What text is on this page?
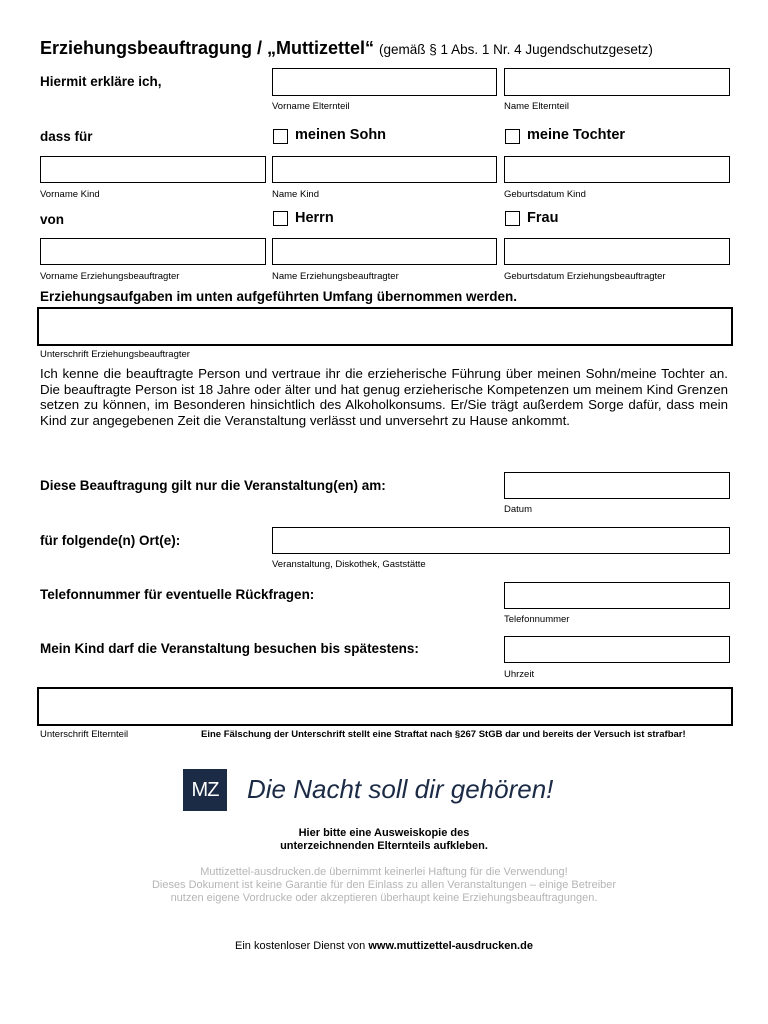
Erziehungsbeauftragung / „Muttizettel“ (gemäß § 1 Abs. 1 Nr. 4 Jugendschutzgesetz)
Hiermit erkläre ich,
Vorname Elternteil	Name Elternteil
dass für	meinen Sohn	meine Tochter
Vorname Kind	Name Kind	Geburtsdatum Kind
von	Herrn	Frau
Vorname Erziehungsbeauftragter	Name Erziehungsbeauftragter	Geburtsdatum Erziehungsbeauftragter
Erziehungsaufgaben im unten aufgeführten Umfang übernommen werden.
Unterschrift Erziehungsbeauftragter
Ich kenne die beauftragte Person und vertraue ihr die erzieherische Führung über meinen Sohn/meine Tochter an. Die beauftragte Person ist 18 Jahre oder älter und hat genug erzieherische Kompetenzen um meinem Kind Grenzen setzen zu können, im Besonderen hinsichtlich des Alkoholkonsums. Er/Sie trägt außerdem Sorge dafür, dass mein Kind zur angegebenen Zeit die Veranstaltung verlässt und unversehrt zu Hause ankommt.
Diese Beauftragung gilt nur die Veranstaltung(en) am:
Datum
für folgende(n) Ort(e):
Veranstaltung, Diskothek, Gaststätte
Telefonnummer für eventuelle Rückfragen:
Telefonnummer
Mein Kind darf die Veranstaltung besuchen bis spätestens:
Uhrzeit
Unterschrift Elternteil	Eine Fälschung der Unterschrift stellt eine Straftat nach §267 StGB dar und bereits der Versuch ist strafbar!
MZ Die Nacht soll dir gehören!
Hier bitte eine Ausweiskopie des
unterzeichnenden Elternteils aufkleben.
Muttizettel-ausdrucken.de übernimmt keinerlei Haftung für die Verwendung!
Dieses Dokument ist keine Garantie für den Einlass zu allen Veranstaltungen – einige Betreiber
nutzen eigene Vordrucke oder akzeptieren überhaupt keine Erziehungsbeauftragungen.
Ein kostenloser Dienst von www.muttizettel-ausdrucken.de
